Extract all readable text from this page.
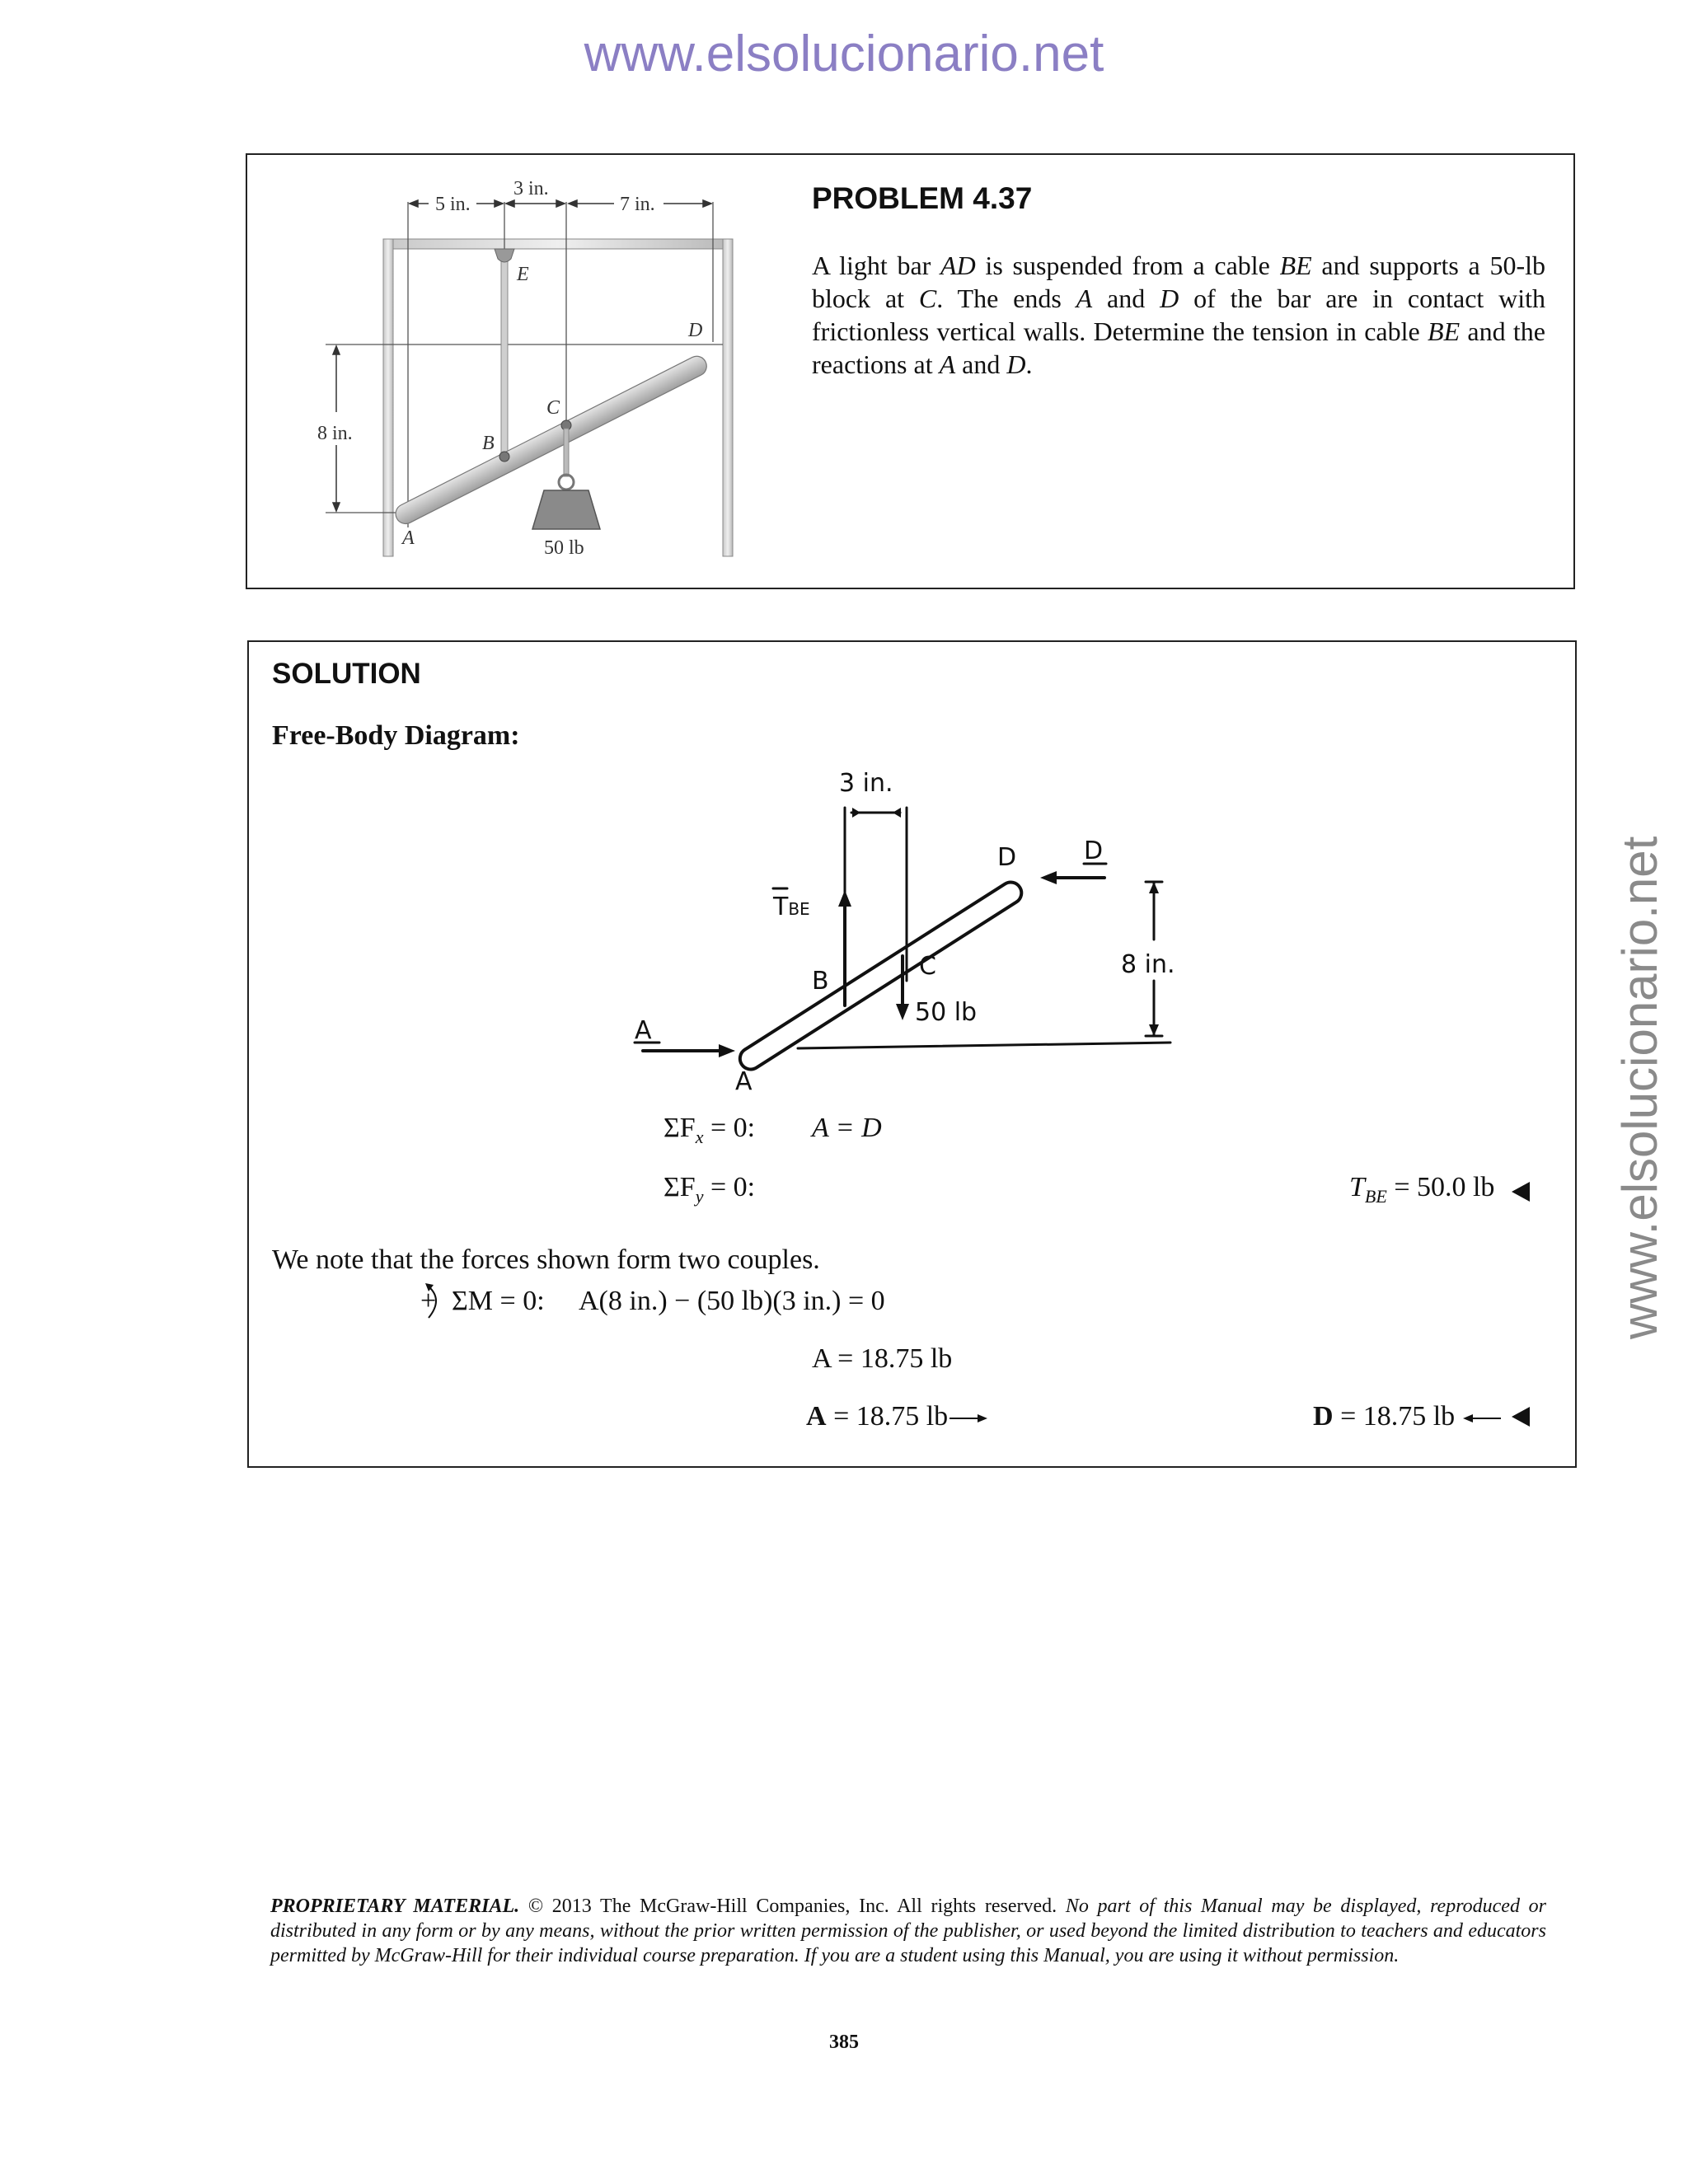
www.elsolucionario.net
www.elsolucionario.net
5 in.
3 in.
7 in.
8 in.
E
D
C
B
A	50 lb
PROBLEM 4.37
A light bar AD is suspended from a cable BE and supports a 50-lb block at C. The ends A and D of the bar are in contact with frictionless vertical walls. Determine the tension in cable BE and the reactions at A and D.
SOLUTION
Free-Body Diagram:
3 in.
TBE
B
C
50 lb
D	D
8 in.
A
A
$\Sigma F_x = 0$: A = D
$\Sigma F_y = 0$:	$T_{BE} = 50.0$ lb
We note that the forces shown form two couples.
+ ΣM = 0: A(8 in.) − (50 lb)(3 in.) = 0
A = 18.75 lb
A = 18.75 lb	D = 18.75 lb
PROPRIETARY MATERIAL. © 2013 The McGraw-Hill Companies, Inc. All rights reserved. No part of this Manual may be displayed, reproduced or distributed in any form or by any means, without the prior written permission of the publisher, or used beyond the limited distribution to teachers and educators permitted by McGraw-Hill for their individual course preparation. If you are a student using this Manual, you are using it without permission.
385
